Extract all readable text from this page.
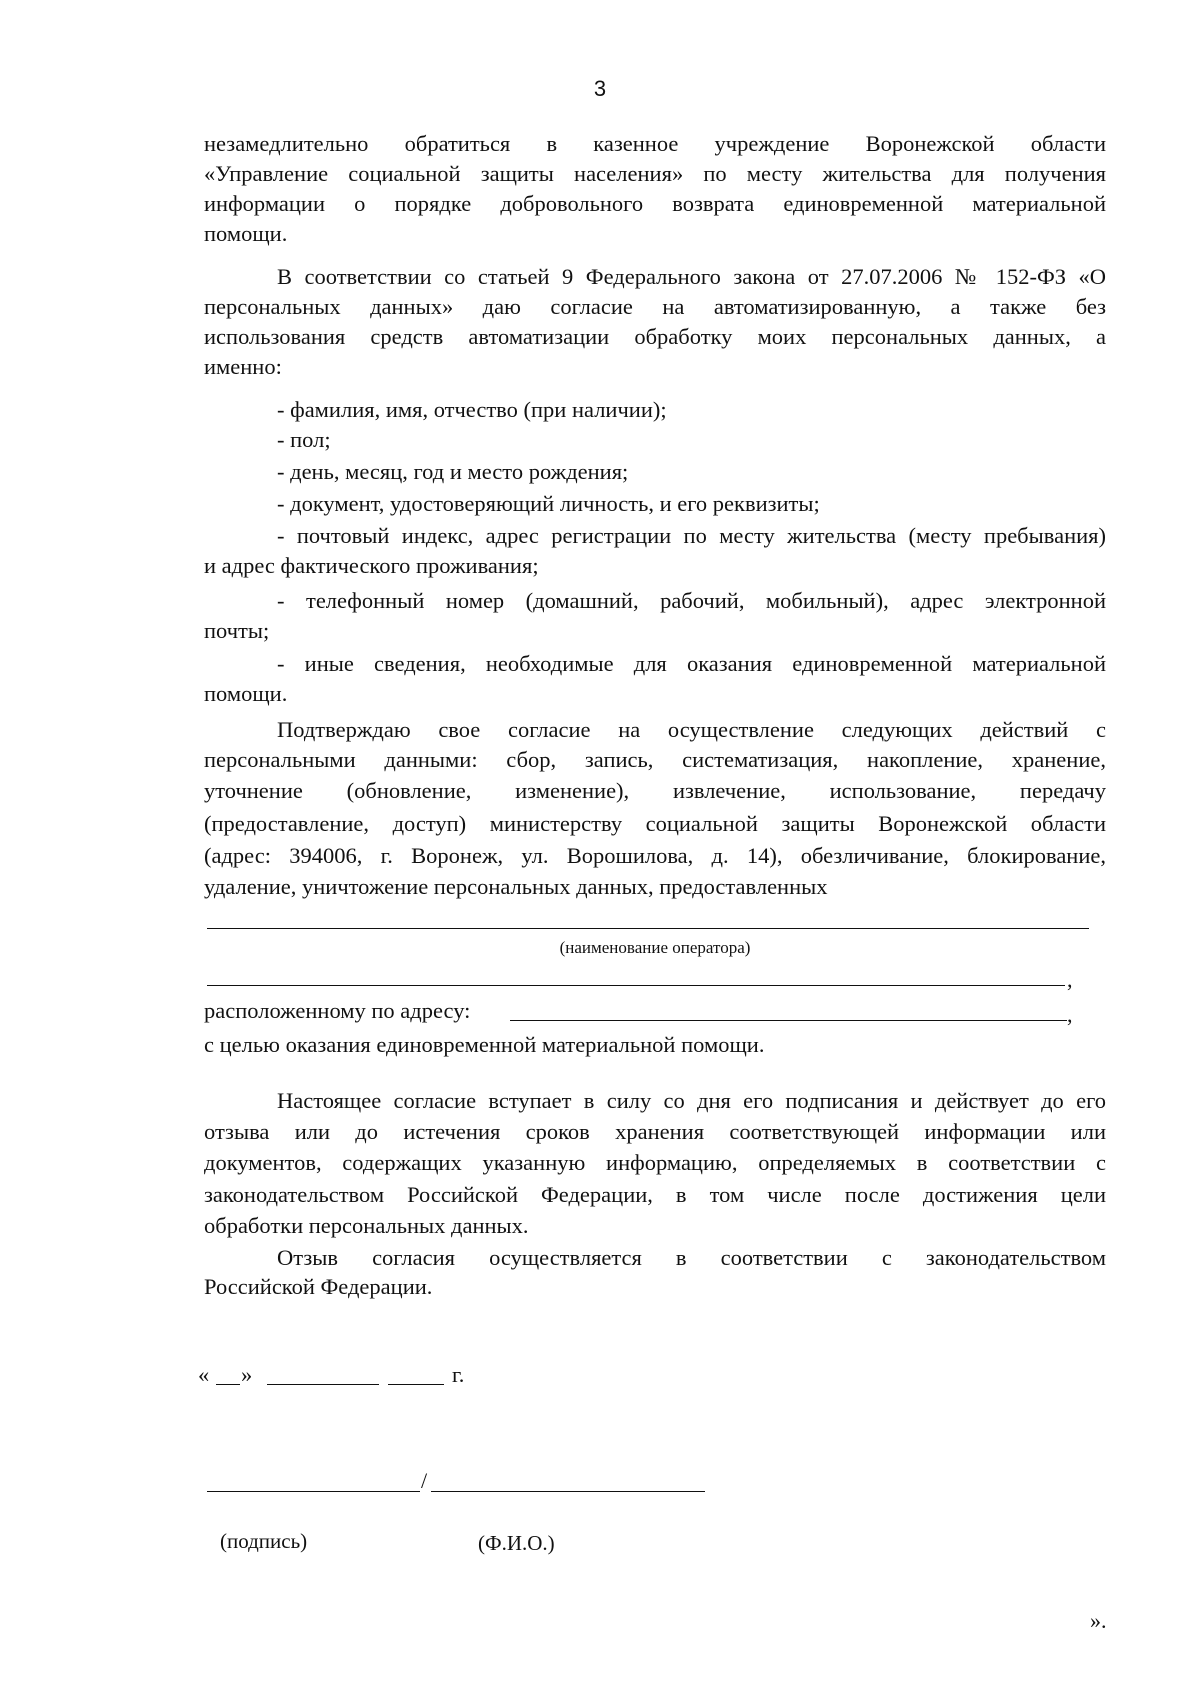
3
незамедлительно обратиться в казенное учреждение Воронежской области
«Управление социальной защиты населения» по месту жительства для получения
информации о порядке добровольного возврата единовременной материальной
помощи.
В соответствии со статьей 9 Федерального закона от 27.07.2006 № 152-ФЗ «О
персональных данных» даю согласие на автоматизированную, а также без
использования средств автоматизации обработку моих персональных данных, а
именно:
- фамилия, имя, отчество (при наличии);
- пол;
- день, месяц, год и место рождения;
- документ, удостоверяющий личность, и его реквизиты;
- почтовый индекс, адрес регистрации по месту жительства (месту пребывания)
и адрес фактического проживания;
- телефонный номер (домашний, рабочий, мобильный), адрес электронной
почты;
- иные сведения, необходимые для оказания единовременной материальной
помощи.
Подтверждаю свое согласие на осуществление следующих действий с
персональными данными: сбор, запись, систематизация, накопление, хранение,
уточнение (обновление, изменение), извлечение, использование, передачу
(предоставление, доступ) министерству социальной защиты Воронежской области
(адрес: 394006, г. Воронеж, ул. Ворошилова, д. 14), обезличивание, блокирование,
удаление, уничтожение персональных данных, предоставленных
(наименование оператора)
,
расположенному по адресу:	,
с целью оказания единовременной материальной помощи.
Настоящее согласие вступает в силу со дня его подписания и действует до его
отзыва или до истечения сроков хранения соответствующей информации или
документов, содержащих указанную информацию, определяемых в соответствии с
законодательством Российской Федерации, в том числе после достижения цели
обработки персональных данных.
Отзыв согласия осуществляется в соответствии с законодательством
Российской Федерации.
« »	г.
/
(подпись)	(Ф.И.О.)
».
